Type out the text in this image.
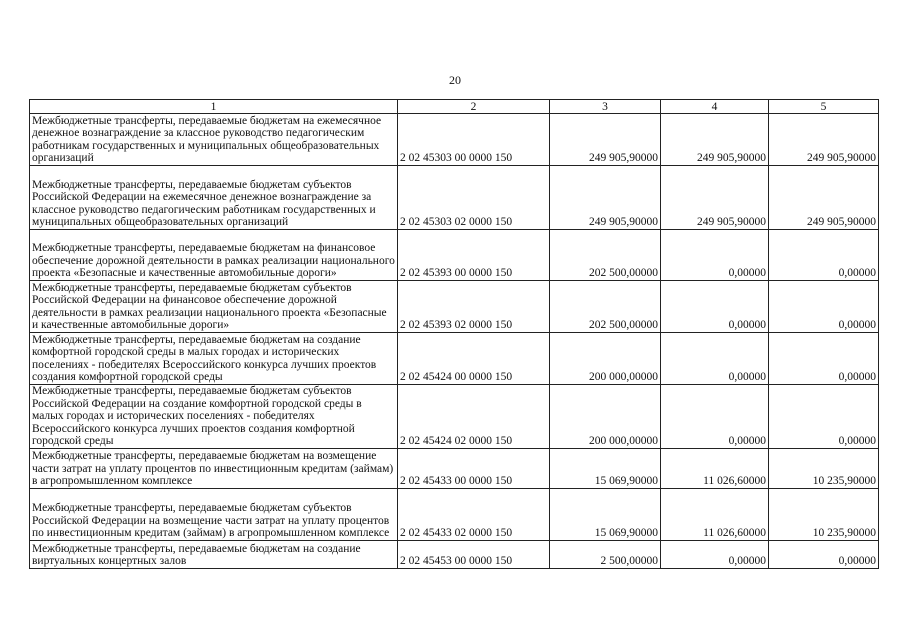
20
1	2	3	4	5
Межбюджетные трансферты, передаваемые бюджетам на ежемесячное денежное вознаграждение за классное руководство педагогическим работникам государственных и муниципальных общеобразовательных организаций	2 02 45303 00 0000 150	249 905,90000	249 905,90000	249 905,90000
Межбюджетные трансферты, передаваемые бюджетам субъектов Российской Федерации на ежемесячное денежное вознаграждение за классное руководство педагогическим работникам государственных и муниципальных общеобразовательных организаций	2 02 45303 02 0000 150	249 905,90000	249 905,90000	249 905,90000
Межбюджетные трансферты, передаваемые бюджетам на финансовое обеспечение дорожной деятельности в рамках реализации национального проекта «Безопасные и качественные автомобильные дороги»	2 02 45393 00 0000 150	202 500,00000	0,00000	0,00000
Межбюджетные трансферты, передаваемые бюджетам субъектов Российской Федерации на финансовое обеспечение дорожной деятельности в рамках реализации национального проекта «Безопасные и качественные автомобильные дороги»	2 02 45393 02 0000 150	202 500,00000	0,00000	0,00000
Межбюджетные трансферты, передаваемые бюджетам на создание комфортной городской среды в малых городах и исторических поселениях - победителях Всероссийского конкурса лучших проектов создания комфортной городской среды	2 02 45424 00 0000 150	200 000,00000	0,00000	0,00000
Межбюджетные трансферты, передаваемые бюджетам субъектов Российской Федерации на создание комфортной городской среды в малых городах и исторических поселениях - победителях Всероссийского конкурса лучших проектов создания комфортной городской среды	2 02 45424 02 0000 150	200 000,00000	0,00000	0,00000
Межбюджетные трансферты, передаваемые бюджетам на возмещение части затрат на уплату процентов по инвестиционным кредитам (займам) в агропромышленном комплексе	2 02 45433 00 0000 150	15 069,90000	11 026,60000	10 235,90000
Межбюджетные трансферты, передаваемые бюджетам субъектов Российской Федерации на возмещение части затрат на уплату процентов по инвестиционным кредитам (займам) в агропромышленном комплексе	2 02 45433 02 0000 150	15 069,90000	11 026,60000	10 235,90000
Межбюджетные трансферты, передаваемые бюджетам на создание виртуальных концертных залов	2 02 45453 00 0000 150	2 500,00000	0,00000	0,00000
